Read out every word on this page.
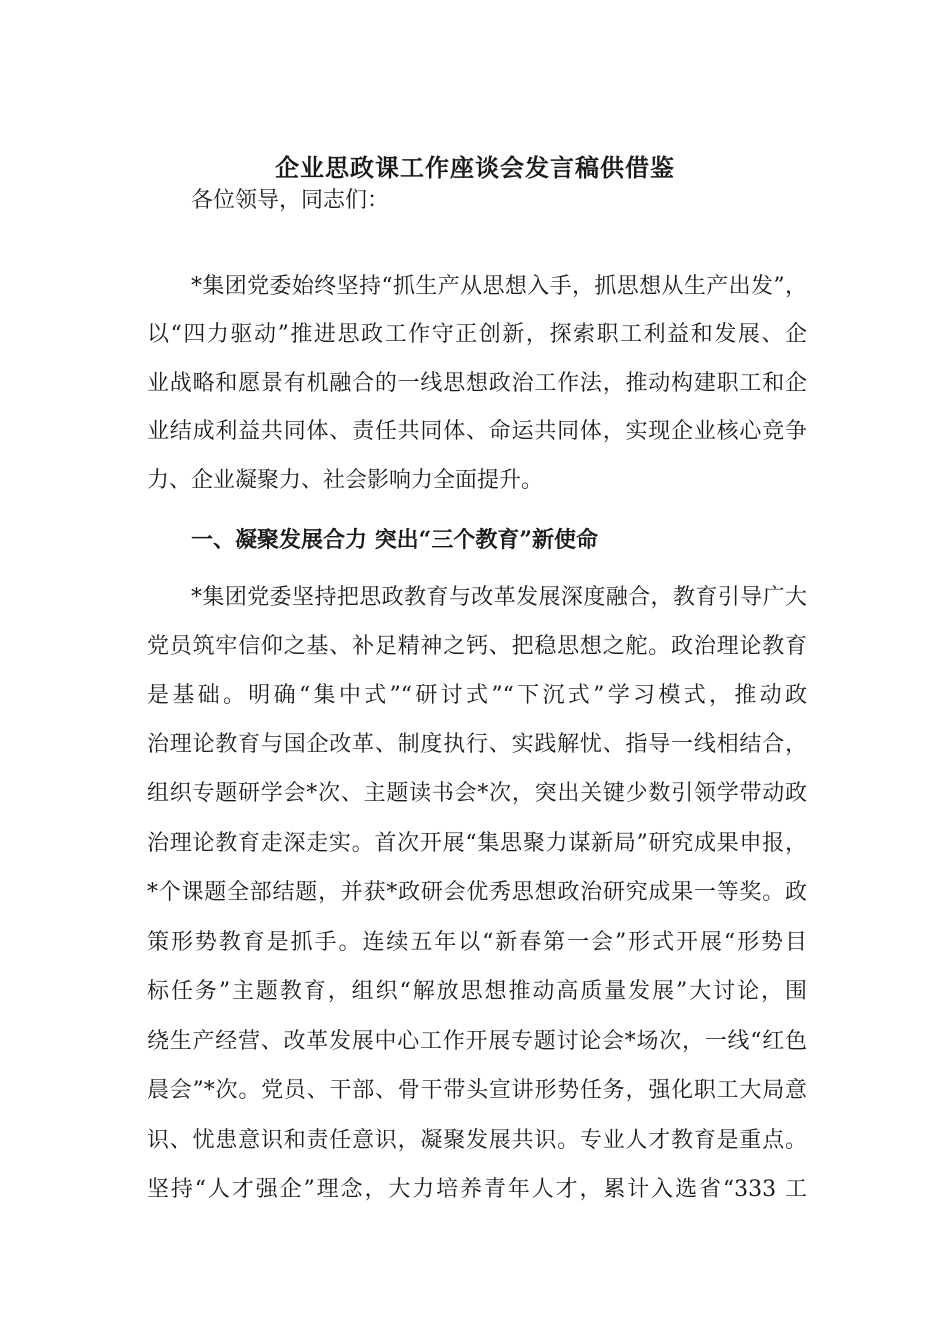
企业思政课工作座谈会发言稿供借鉴
各位领导，同志们：
*集团党委始终坚持“抓生产从思想入手，抓思想从生产出发”，
以“四力驱动”推进思政工作守正创新，探索职工利益和发展、企
业战略和愿景有机融合的一线思想政治工作法，推动构建职工和企
业结成利益共同体、责任共同体、命运共同体，实现企业核心竞争
力、企业凝聚力、社会影响力全面提升。
一、凝聚发展合力 突出“三个教育”新使命
*集团党委坚持把思政教育与改革发展深度融合，教育引导广大
党员筑牢信仰之基、补足精神之钙、把稳思想之舵。政治理论教育
是基础。明确“集中式”“研讨式”“下沉式”学习模式，推动政
治理论教育与国企改革、制度执行、实践解忧、指导一线相结合，
组织专题研学会*次、主题读书会*次，突出关键少数引领学带动政
治理论教育走深走实。首次开展“集思聚力谋新局”研究成果申报，
*个课题全部结题，并获*政研会优秀思想政治研究成果一等奖。政
策形势教育是抓手。连续五年以“新春第一会”形式开展“形势目
标任务”主题教育，组织“解放思想推动高质量发展”大讨论，围
绕生产经营、改革发展中心工作开展专题讨论会*场次，一线“红色
晨会”*次。党员、干部、骨干带头宣讲形势任务，强化职工大局意
识、忧患意识和责任意识，凝聚发展共识。专业人才教育是重点。
坚持“人才强企”理念，大力培养青年人才，累计入选省“333 工
